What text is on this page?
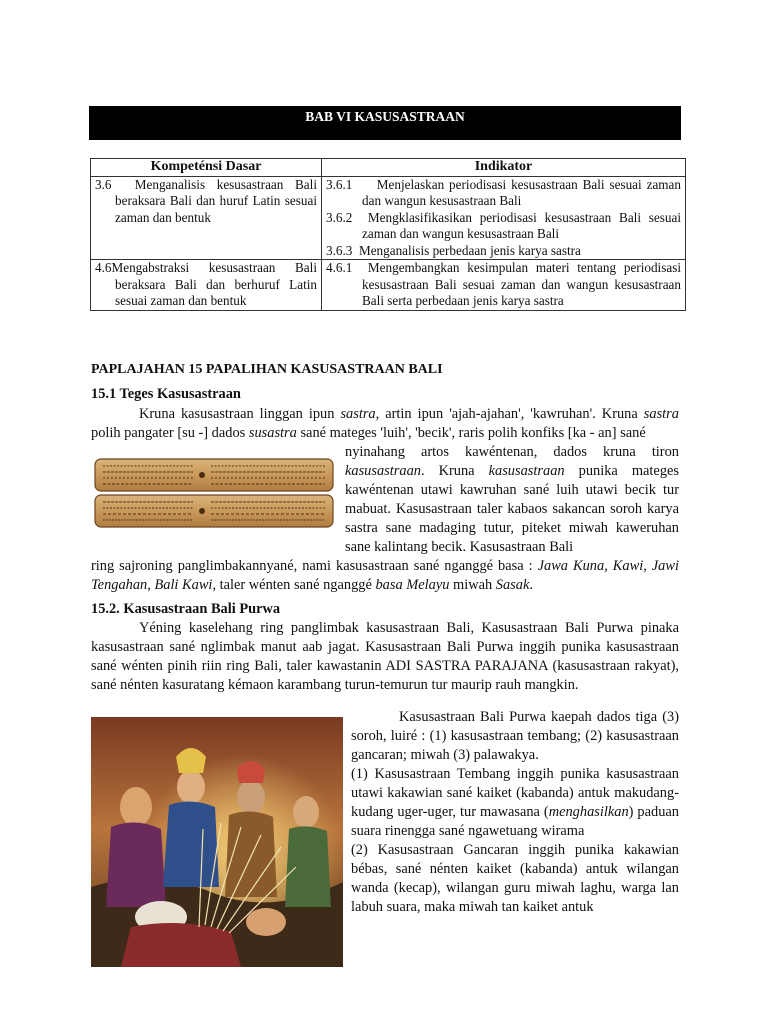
BAB VI KASUSASTRAAN
Kompeténsi Dasar	Indikator

3.6 Menganalisis kesusastraan Bali beraksara Bali dan huruf Latin sesuai zaman dan bentuk	3.6.1 Menjelaskan periodisasi kesusastraan Bali sesuai zaman dan wangun kesusastraan Bali
3.6.2 Mengklasifikasikan periodisasi kesusastraan Bali sesuai zaman dan wangun kesusastraan Bali
3.6.3 Menganalisis perbedaan jenis karya sastra

4.6Mengabstraksi kesusastraan Bali beraksara Bali dan berhuruf Latin sesuai zaman dan bentuk	4.6.1 Mengembangkan kesimpulan materi tentang periodisasi kesusastraan Bali sesuai zaman dan wangun kesusastraan Bali serta perbedaan jenis karya sastra
PAPLAJAHAN 15 PAPALIHAN KASUSASTRAAN BALI
15.1 Teges Kasusastraan
Kruna kasusastraan linggan ipun sastra, artin ipun 'ajah-ajahan', 'kawruhan'. Kruna sastra polih pangater [su -] dados susastra sané mateges 'luih', 'becik', raris polih konfiks [ka - an] sané
nyinahang artos kawéntenan, dados kruna tiron kasusastraan. Kruna kasusastraan punika mateges kawéntenan utawi kawruhan sané luih utawi becik tur mabuat. Kasusastraan taler kabaos sakancan soroh karya sastra sane madaging tutur, piteket miwah kaweruhan sane kalintang becik. Kasusastraan Bali
ring sajroning panglimbakannyané, nami kasusastraan sané nganggé basa : Jawa Kuna, Kawi, Jawi Tengahan, Bali Kawi, taler wénten sané nganggé basa Melayu miwah Sasak.
15.2. Kasusastraan Bali Purwa
Yéning kaselehang ring panglimbak kasusastraan Bali, Kasusastraan Bali Purwa pinaka kasusastraan sané nglimbak manut aab jagat. Kasusastraan Bali Purwa inggih punika kasusastraan sané wénten pinih riin ring Bali, taler kawastanin ADI SASTRA PARAJANA (kasusastraan rakyat), sané nénten kasuratang kémaon karambang turun-temurun tur maurip rauh mangkin.
Kasusastraan Bali Purwa kaepah dados tiga (3) soroh, luiré : (1) kasusastraan tembang; (2) kasusastraan gancaran; miwah (3) palawakya.
(1) Kasusastraan Tembang inggih punika kasusastraan utawi kakawian sané kaiket (kabanda) antuk makudang-kudang uger-uger, tur mawasana (menghasilkan) paduan suara rinengga sané ngawetuang wirama
(2) Kasusastraan Gancaran inggih punika kakawian bébas, sané nénten kaiket (kabanda) antuk wilangan wanda (kecap), wilangan guru miwah laghu, warga lan labuh suara, maka miwah tan kaiket antuk
